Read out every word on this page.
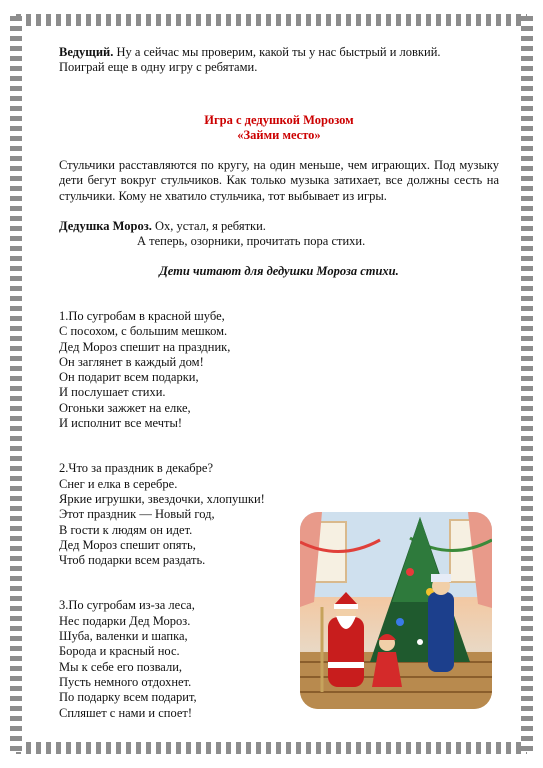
Ведущий. Ну а сейчас мы проверим, какой ты у нас быстрый и ловкий.

Поиграй еще в одну игру с ребятами.

Игра с дедушкой Морозом

«Займи место»

Стульчики расставляются по кругу, на один меньше, чем играющих. Под музыку дети бегут вокруг стульчиков. Как только музыка затихает, все должны сесть на стульчики. Кому не хватило стульчика, тот выбывает из игры.

Дедушка Мороз. Ох, устал, я ребятки.

А теперь, озорники, прочитать пора стихи.

Дети читают для дедушки Мороза стихи.

1.По сугробам в красной шубе,

С посохом, с большим мешком.

Дед Мороз спешит на праздник,

Он заглянет в каждый дом!

Он подарит всем подарки,

И послушает стихи.

Огоньки зажжет на елке,

И исполнит все мечты!

2.Что за праздник в декабре?

Снег и елка в серебре.

Яркие игрушки, звездочки, хлопушки!

Этот праздник — Новый год,

В гости к людям он идет.

Дед Мороз спешит опять,

Чтоб подарки всем раздать.

3.По сугробам из-за леса,

Нес подарки Дед Мороз.

Шуба, валенки и шапка,

Борода и красный нос.

Мы к себе его позвали,

Пусть немного отдохнет.

По подарку всем подарит,

Спляшет с нами и споет!
